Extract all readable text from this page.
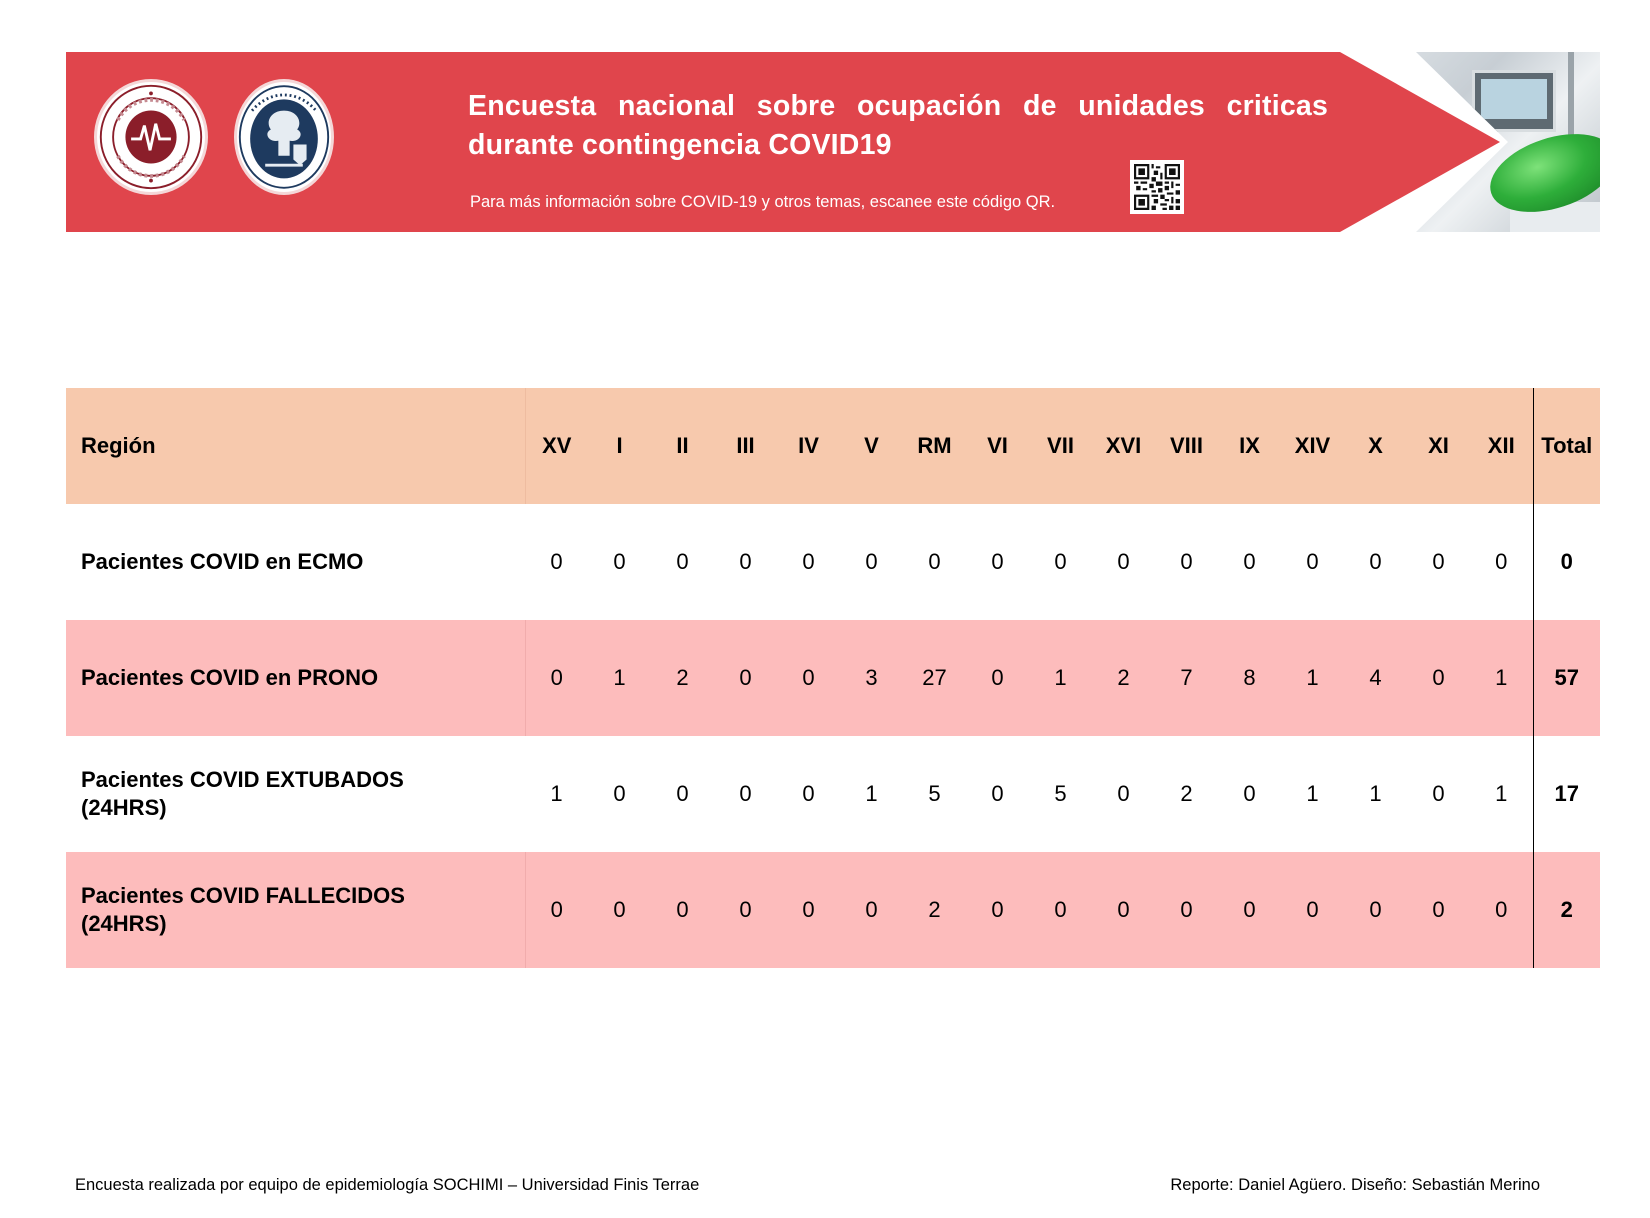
Encuesta nacional sobre ocupación de unidades criticas durante contingencia COVID19
Para más información sobre COVID-19 y otros temas, escanee este código QR.
Región	XV	I	II	III	IV	V	RM	VI	VII	XVI	VIII	IX	XIV	X	XI	XII	Total
Pacientes COVID en ECMO	0	0	0	0	0	0	0	0	0	0	0	0	0	0	0	0	0
Pacientes COVID en PRONO	0	1	2	0	0	3	27	0	1	2	7	8	1	4	0	1	57
Pacientes COVID EXTUBADOS
(24HRS)	1	0	0	0	0	1	5	0	5	0	2	0	1	1	0	1	17
Pacientes COVID FALLECIDOS
(24HRS)	0	0	0	0	0	0	2	0	0	0	0	0	0	0	0	0	2
Encuesta realizada por equipo de epidemiología SOCHIMI – Universidad Finis Terrae	Reporte: Daniel Agüero. Diseño: Sebastián Merino
